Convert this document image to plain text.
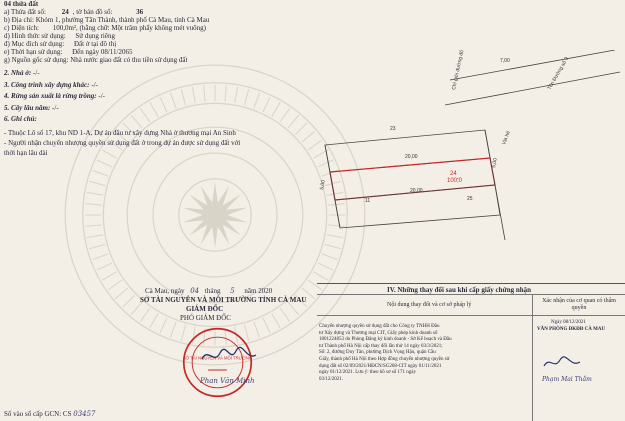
04 thửa đất
a) Thửa đất số: 24 , tờ bản đồ số:	36
b) Địa chỉ: Khóm 1, phường Tân Thành, thành phố Cà Mau, tỉnh Cà Mau
c) Diện tích: 100,0m², (bằng chữ: Một trăm phẩy không mét vuông)
d) Hình thức sử dụng: Sử dụng riêng
đ) Mục đích sử dụng: Đất ở tại đô thị
e) Thời hạn sử dụng: Đến ngày 08/11/2065
g) Nguồn gốc sử dụng: Nhà nước giao đất có thu tiền sử dụng đất
2. Nhà ở: -/-
3. Công trình xây dựng khác: -/-
4. Rừng sản xuất là rừng trồng: -/-
5. Cây lâu năm: -/-
6. Ghi chú:
- Thuộc Lô số 17, khu ND 1-A, Dự án đầu tư xây dựng Nhà ở thương mại An Sinh
- Người nhận chuyển nhượng quyền sử dụng đất ở trong dự án được sử dụng đất với
thời hạn lâu dài
Chỉ giới đường đỏ	Tôn Đường số 9
Vỉa hè
7,00
20,00
5,00
20,00
5,00
23
25
11
24
100,0
Cà Mau, ngày 04 tháng 5 năm 2020
SỞ TÀI NGUYÊN VÀ MÔI TRƯỜNG TỈNH CÀ MAU
GIÁM ĐỐC
PHÓ GIÁM ĐỐC
SỞ TÀI NGUYÊN VÀ MÔI TRƯỜNG
Phan Văn Minh
Số vào sổ cấp GCN: CS 03457
IV. Những thay đổi sau khi cấp giấy chứng nhận
Nội dung thay đổi và cơ sở pháp lý
Xác nhận của cơ quan có thẩm quyền
Chuyển nhượng quyền sử dụng đất cho Công ty TNHH Đầu
tư Xây dựng và Thương mại CIT, Giấy phép kinh doanh số
1801224853 do Phòng Đăng ký kinh doanh - Sở Kế hoạch và Đầu
tư Thành phố Hà Nội cấp thay đổi lần thứ 14 ngày 03/3/2021;
Số: 2, đường Duy Tân, phường Dịch Vọng Hậu, quận Cầu
Giấy, thành phố Hà Nội theo Hợp đồng chuyển nhượng quyền sử
dụng đất số 02/09/2021/HĐCN/SG268-CIT ngày 01/11/2021
ngày 01/12/2021. Lưu ý: theo hồ sơ số 171 ngày
03/12/2021.
Ngày 08/12/2021
VĂN PHÒNG ĐKĐĐ CÀ MAU
Phạm Mai Thắm
